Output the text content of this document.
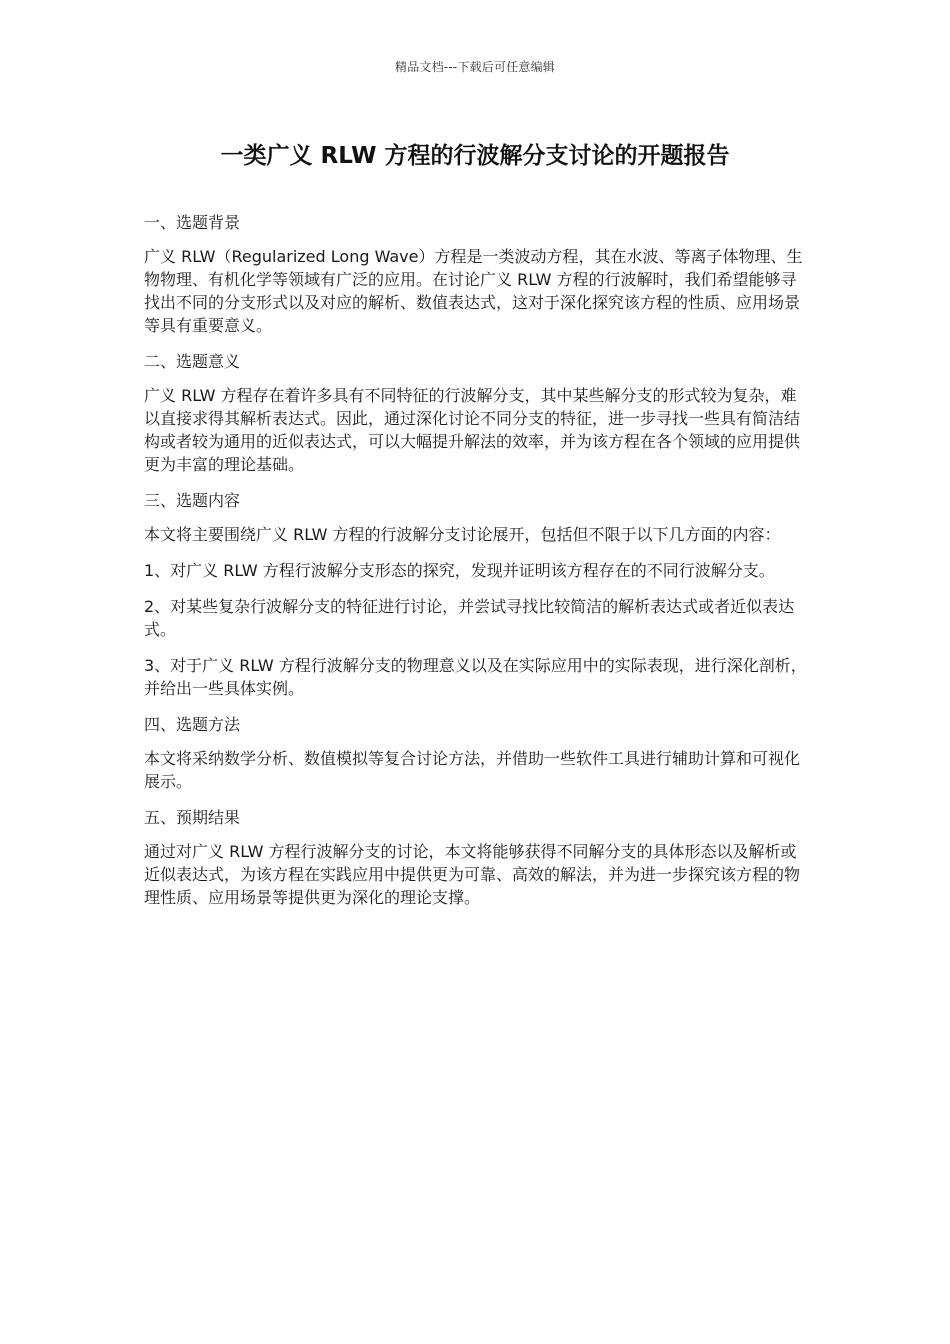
精品文档---下载后可任意编辑
一类广义 RLW 方程的行波解分支讨论的开题报告

一、选题背景

广义 RLW（Regularized Long Wave）方程是一类波动方程，其在水波、等离子体物理、生物物理、有机化学等领域有广泛的应用。在讨论广义 RLW 方程的行波解时，我们希望能够寻找出不同的分支形式以及对应的解析、数值表达式，这对于深化探究该方程的性质、应用场景等具有重要意义。

二、选题意义

广义 RLW 方程存在着许多具有不同特征的行波解分支，其中某些解分支的形式较为复杂，难以直接求得其解析表达式。因此，通过深化讨论不同分支的特征，进一步寻找一些具有简洁结构或者较为通用的近似表达式，可以大幅提升解法的效率，并为该方程在各个领域的应用提供更为丰富的理论基础。

三、选题内容

本文将主要围绕广义 RLW 方程的行波解分支讨论展开，包括但不限于以下几方面的内容：

1、对广义 RLW 方程行波解分支形态的探究，发现并证明该方程存在的不同行波解分支。

2、对某些复杂行波解分支的特征进行讨论，并尝试寻找比较简洁的解析表达式或者近似表达式。

3、对于广义 RLW 方程行波解分支的物理意义以及在实际应用中的实际表现，进行深化剖析，并给出一些具体实例。

四、选题方法

本文将采纳数学分析、数值模拟等复合讨论方法，并借助一些软件工具进行辅助计算和可视化展示。

五、预期结果

通过对广义 RLW 方程行波解分支的讨论，本文将能够获得不同解分支的具体形态以及解析或近似表达式，为该方程在实践应用中提供更为可靠、高效的解法，并为进一步探究该方程的物理性质、应用场景等提供更为深化的理论支撑。
